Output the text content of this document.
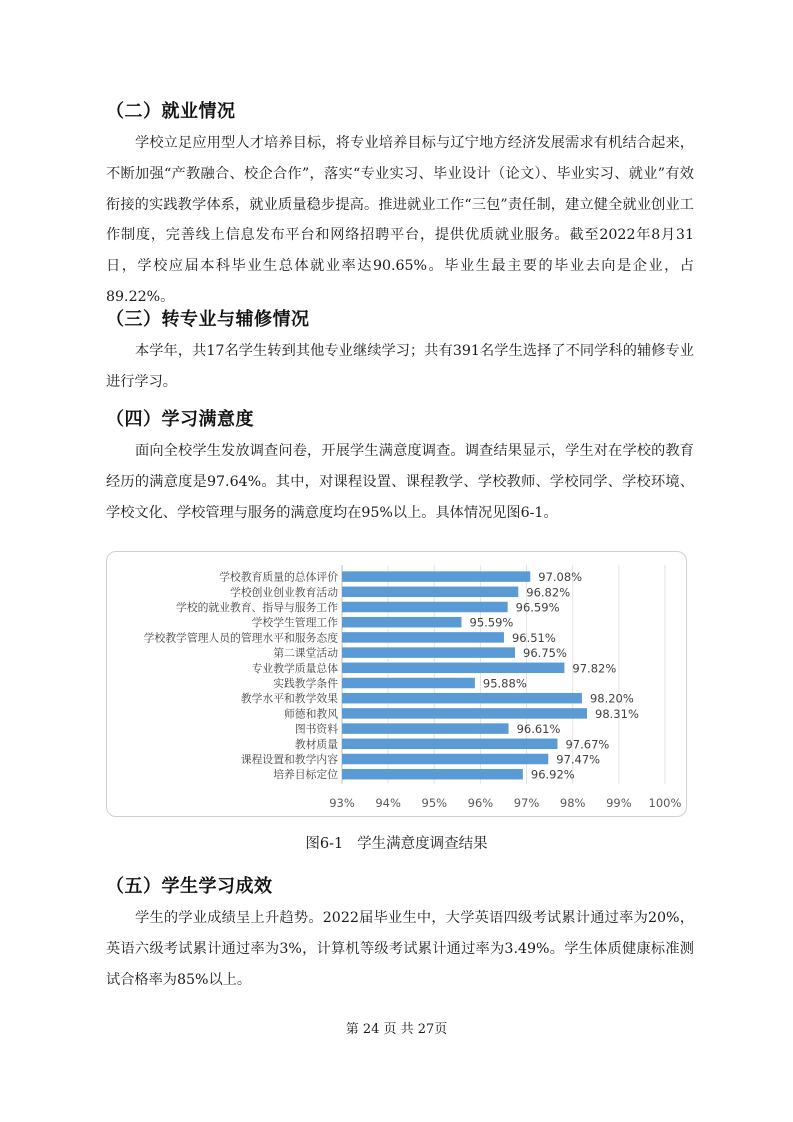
（二）就业情况

学校立足应用型人才培养目标，将专业培养目标与辽宁地方经济发展需求有机结合起来，不断加强“产教融合、校企合作”，落实“专业实习、毕业设计（论文）、毕业实习、就业”有效衔接的实践教学体系，就业质量稳步提高。推进就业工作“三包”责任制，建立健全就业创业工作制度，完善线上信息发布平台和网络招聘平台，提供优质就业服务。截至2022年8月31日，学校应届本科毕业生总体就业率达90.65%。毕业生最主要的毕业去向是企业，占89.22%。

（三）转专业与辅修情况

本学年，共17名学生转到其他专业继续学习；共有391名学生选择了不同学科的辅修专业进行学习。

（四）学习满意度

面向全校学生发放调查问卷，开展学生满意度调查。调查结果显示，学生对在学校的教育经历的满意度是97.64%。其中，对课程设置、课程教学、学校教师、学校同学、学校环境、学校文化、学校管理与服务的满意度均在95%以上。具体情况见图6-1。

学校教育质量的总体评价	97.08%
学校创业创业教育活动	96.82%
学校的就业教育、指导与服务工作	96.59%
学校学生管理工作	95.59%
学校教学管理人员的管理水平和服务态度	96.51%
第二课堂活动	96.75%
专业教学质量总体	97.82%
实践教学条件	95.88%
教学水平和教学效果	98.20%
师德和教风	98.31%
图书资料	96.61%
教材质量	97.67%
课程设置和教学内容	97.47%
培养目标定位	96.92%
93% 94% 95% 96% 97% 98% 99% 100%
图6-1   学生满意度调查结果
（五）学生学习成效

学生的学业成绩呈上升趋势。2022届毕业生中，大学英语四级考试累计通过率为20%，英语六级考试累计通过率为3%，计算机等级考试累计通过率为3.49%。学生体质健康标准测试合格率为85%以上。

第 24 页 共 27页
